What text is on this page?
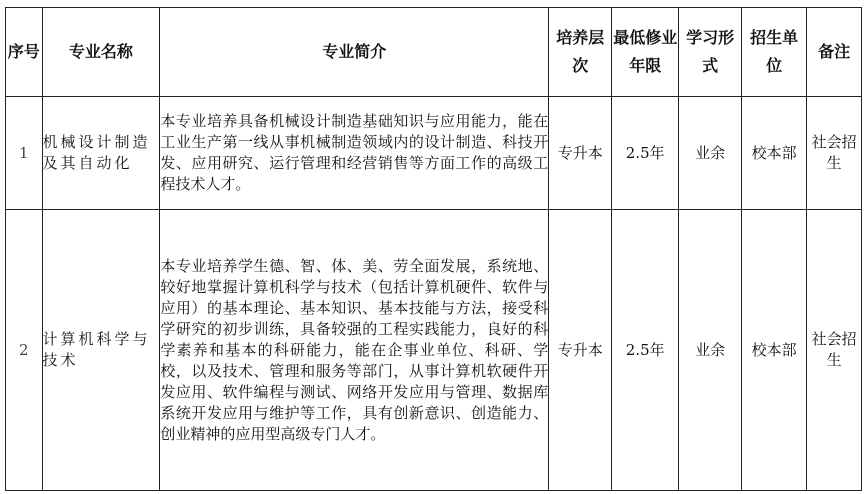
序号	专业名称	专业简介	培养层次	最低修业年限	学习形式	招生单位	备注
1	机械设计制造及其自动化	本专业培养具备机械设计制造基础知识与应用能力，能在工业生产第一线从事机械制造领域内的设计制造、科技开发、应用研究、运行管理和经营销售等方面工作的高级工程技术人才。	专升本	2.5年	业余	校本部	社会招生
2	计算机科学与技术	本专业培养学生德、智、体、美、劳全面发展，系统地、较好地掌握计算机科学与技术（包括计算机硬件、软件与应用）的基本理论、基本知识、基本技能与方法，接受科学研究的初步训练，具备较强的工程实践能力，良好的科学素养和基本的科研能力，能在企事业单位、科研、学校，以及技术、管理和服务等部门，从事计算机软硬件开发应用、软件编程与测试、网络开发应用与管理、数据库系统开发应用与维护等工作，具有创新意识、创造能力、创业精神的应用型高级专门人才。	专升本	2.5年	业余	校本部	社会招生
